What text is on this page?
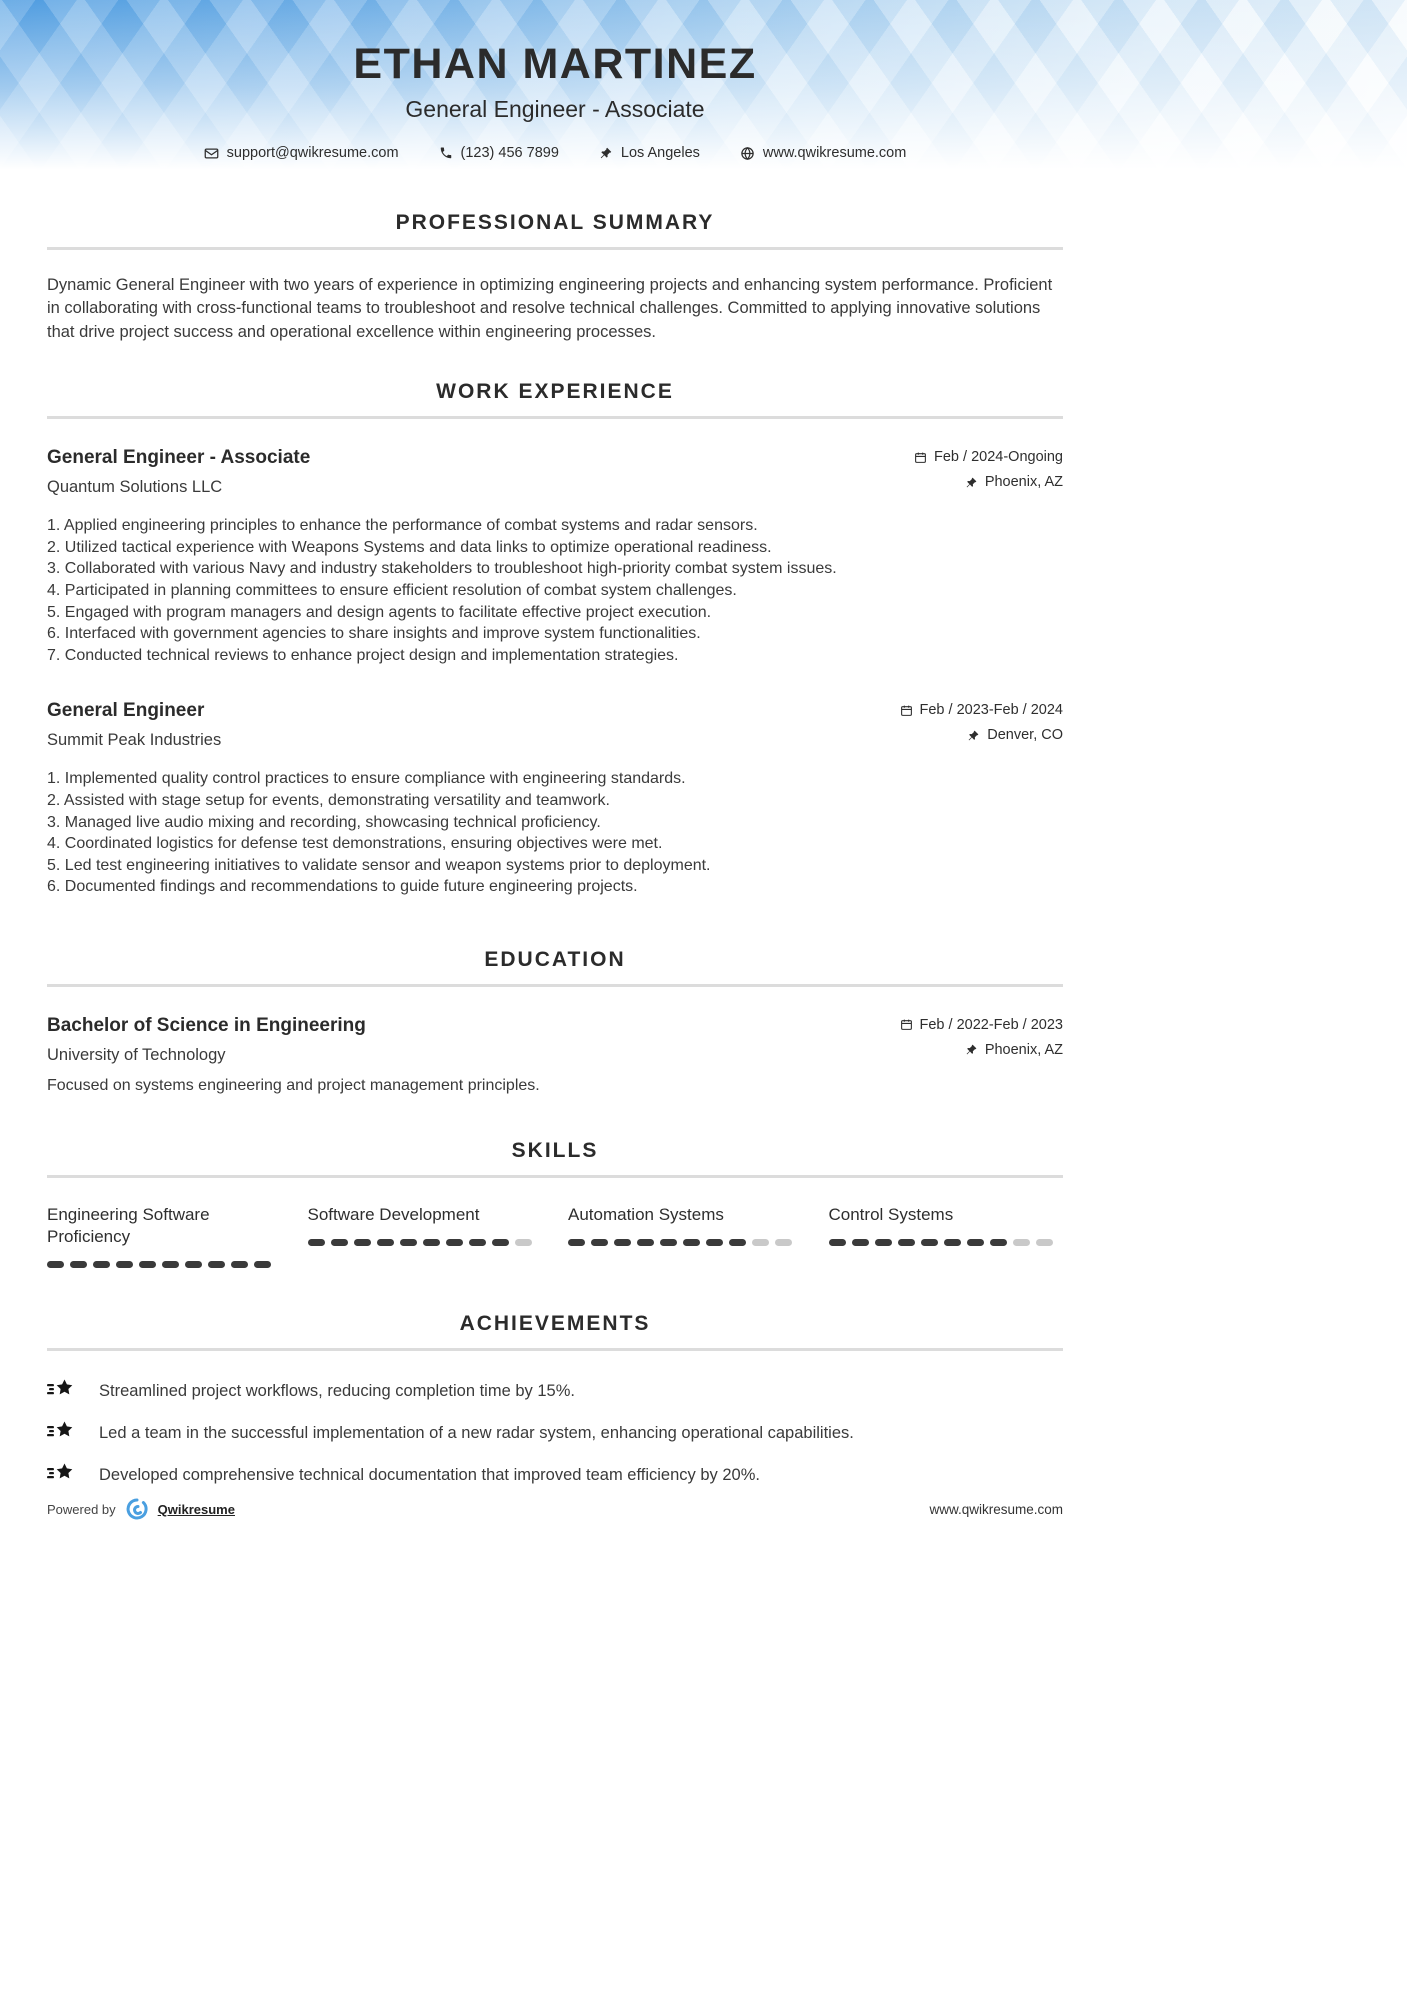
ETHAN MARTINEZ
General Engineer - Associate
support@qwikresume.com	(123) 456 7899	Los Angeles	www.qwikresume.com
PROFESSIONAL SUMMARY

Dynamic General Engineer with two years of experience in optimizing engineering projects and enhancing system performance. Proficient in collaborating with cross-functional teams to troubleshoot and resolve technical challenges. Committed to applying innovative solutions that drive project success and operational excellence within engineering processes.

WORK EXPERIENCE
General Engineer - Associate
Quantum Solutions LLC
Feb / 2024-Ongoing
Phoenix, AZ
Applied engineering principles to enhance the performance of combat systems and radar sensors.
Utilized tactical experience with Weapons Systems and data links to optimize operational readiness.
Collaborated with various Navy and industry stakeholders to troubleshoot high-priority combat system issues.
Participated in planning committees to ensure efficient resolution of combat system challenges.
Engaged with program managers and design agents to facilitate effective project execution.
Interfaced with government agencies to share insights and improve system functionalities.
Conducted technical reviews to enhance project design and implementation strategies.
General Engineer
Summit Peak Industries
Feb / 2023-Feb / 2024
Denver, CO
Implemented quality control practices to ensure compliance with engineering standards.
Assisted with stage setup for events, demonstrating versatility and teamwork.
Managed live audio mixing and recording, showcasing technical proficiency.
Coordinated logistics for defense test demonstrations, ensuring objectives were met.
Led test engineering initiatives to validate sensor and weapon systems prior to deployment.
Documented findings and recommendations to guide future engineering projects.
EDUCATION
Bachelor of Science in Engineering
University of Technology
Focused on systems engineering and project management principles.
Feb / 2022-Feb / 2023
Phoenix, AZ
SKILLS
Engineering Software Proficiency
Software Development	Automation Systems	Control Systems
ACHIEVEMENTS
Streamlined project workflows, reducing completion time by 15%.
Led a team in the successful implementation of a new radar system, enhancing operational capabilities.
Developed comprehensive technical documentation that improved team efficiency by 20%.
Powered by	Qwikresume	www.qwikresume.com
